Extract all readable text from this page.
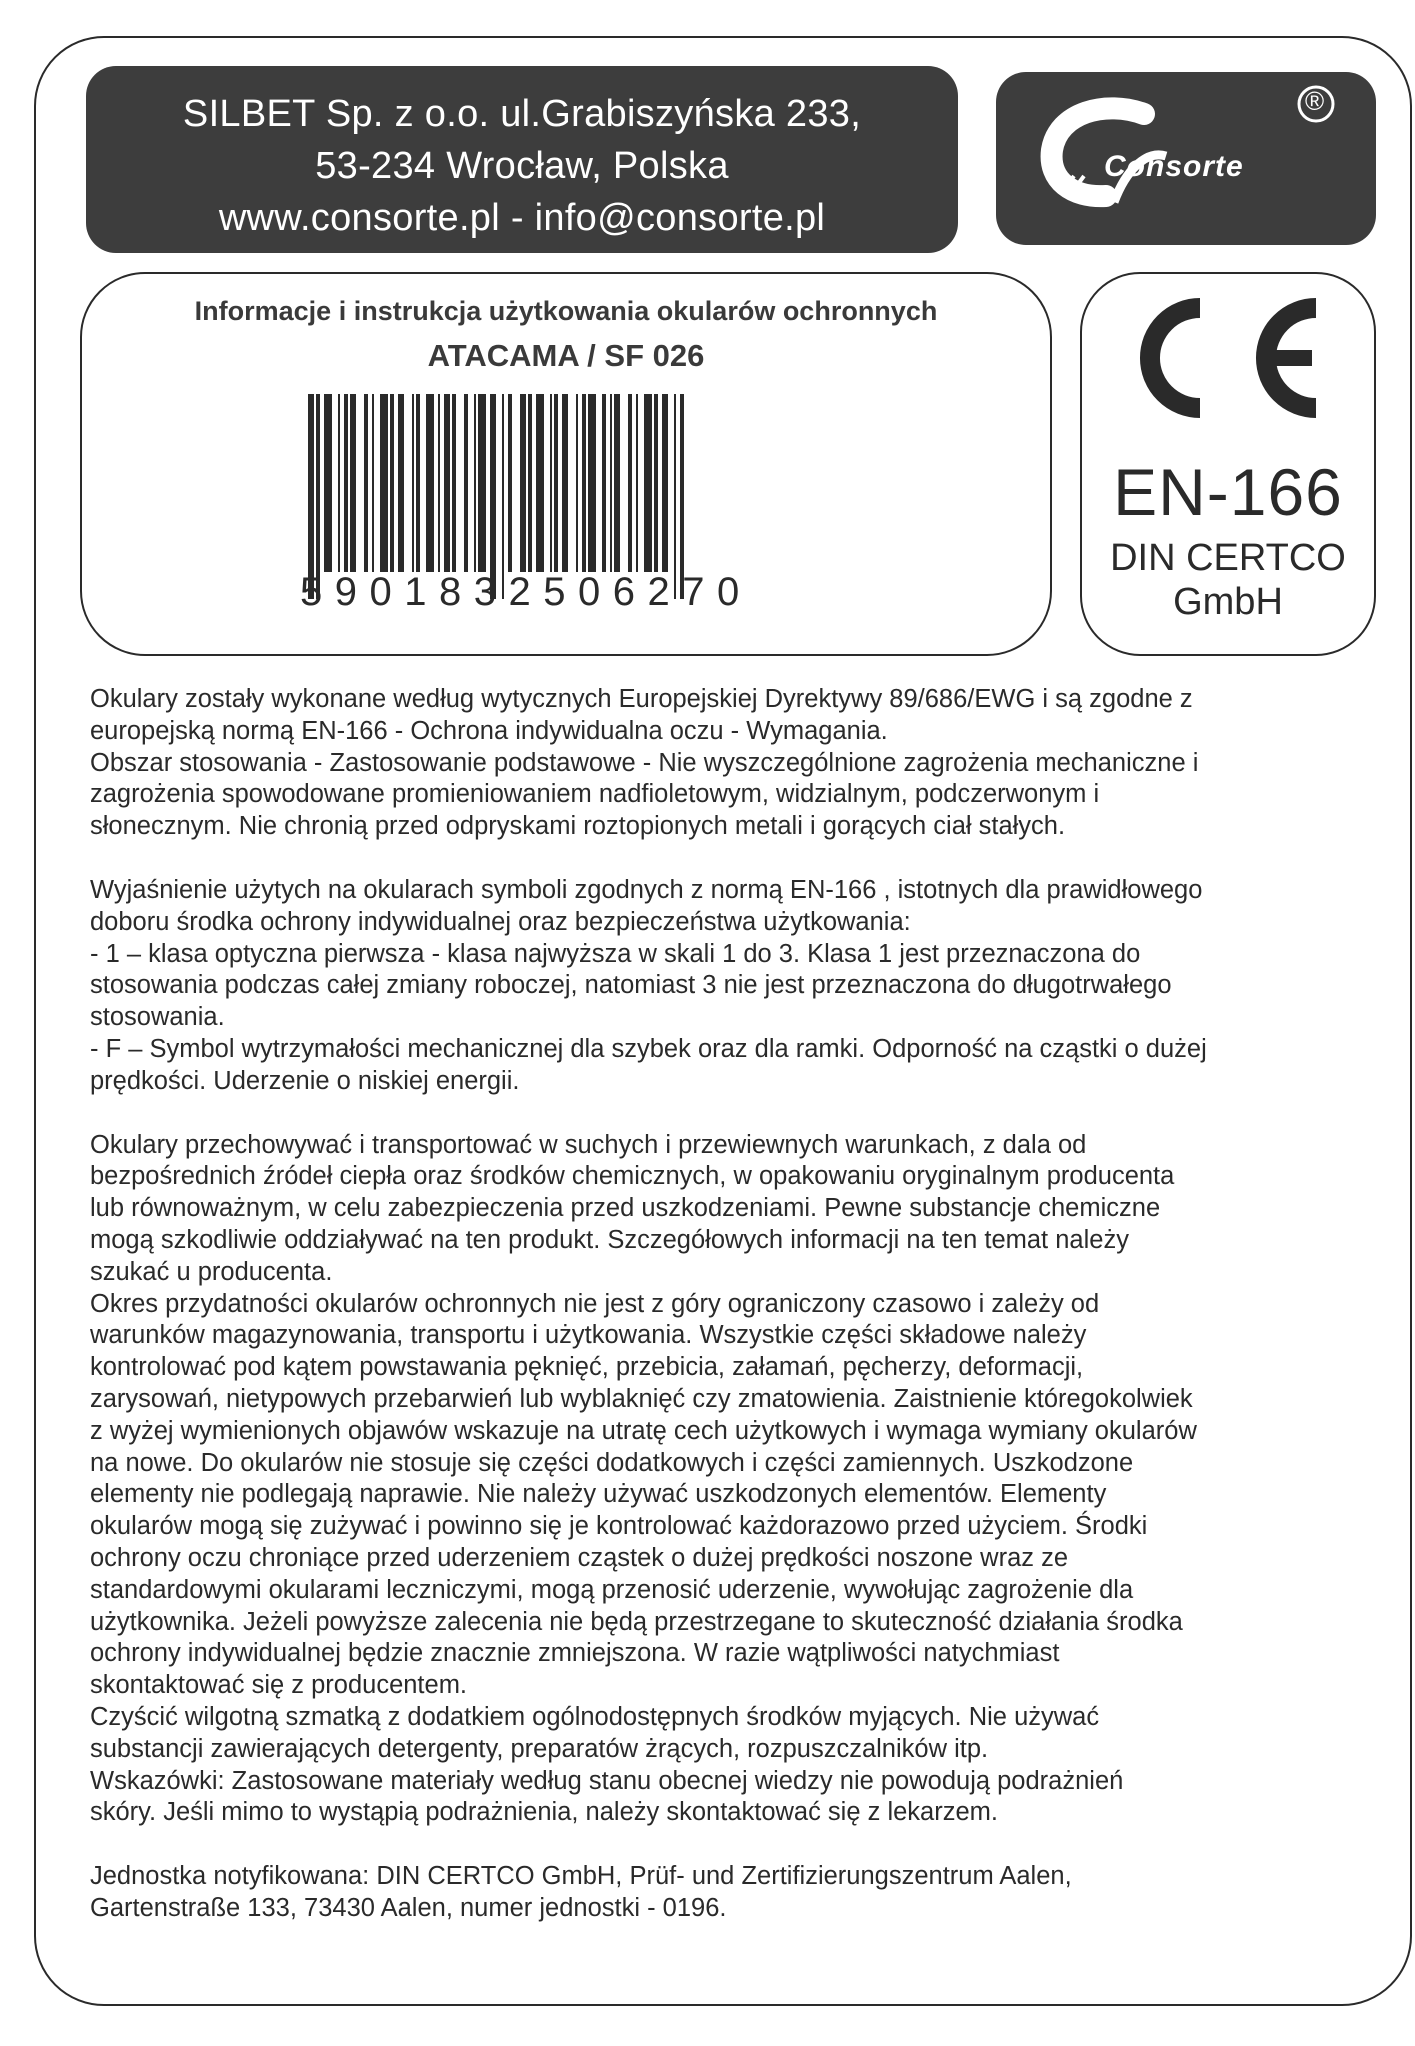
SILBET Sp. z o.o. ul.Grabiszyńska 233,
53-234 Wrocław, Polska
www.consorte.pl - info@consorte.pl
Consorte
®
Informacje i instrukcja użytkowania okularów ochronnych
ATACAMA / SF 026
5901832506270
EN-166
DIN CERTCO
GmbH

Okulary zostały wykonane według wytycznych Europejskiej Dyrektywy 89/686/EWG i są zgodne z
europejską normą EN-166 - Ochrona indywidualna oczu - Wymagania.
Obszar stosowania - Zastosowanie podstawowe - Nie wyszczególnione zagrożenia mechaniczne i
zagrożenia spowodowane promieniowaniem nadfioletowym, widzialnym, podczerwonym i
słonecznym. Nie chronią przed odpryskami roztopionych metali i gorących ciał stałych.

Wyjaśnienie użytych na okularach symboli zgodnych z normą EN-166 , istotnych dla prawidłowego
doboru środka ochrony indywidualnej oraz bezpieczeństwa użytkowania:
- 1 – klasa optyczna pierwsza - klasa najwyższa w skali 1 do 3. Klasa 1 jest przeznaczona do
stosowania podczas całej zmiany roboczej, natomiast 3 nie jest przeznaczona do długotrwałego
stosowania.
- F – Symbol wytrzymałości mechanicznej dla szybek oraz dla ramki. Odporność na cząstki o dużej
prędkości. Uderzenie o niskiej energii.

Okulary przechowywać i transportować w suchych i przewiewnych warunkach, z dala od
bezpośrednich źródeł ciepła oraz środków chemicznych, w opakowaniu oryginalnym producenta
lub równoważnym, w celu zabezpieczenia przed uszkodzeniami. Pewne substancje chemiczne
mogą szkodliwie oddziaływać na ten produkt. Szczegółowych informacji na ten temat należy
szukać u producenta.
Okres przydatności okularów ochronnych nie jest z góry ograniczony czasowo i zależy od
warunków magazynowania, transportu i użytkowania. Wszystkie części składowe należy
kontrolować pod kątem powstawania pęknięć, przebicia, załamań, pęcherzy, deformacji,
zarysowań, nietypowych przebarwień lub wyblaknięć czy zmatowienia. Zaistnienie któregokolwiek
z wyżej wymienionych objawów wskazuje na utratę cech użytkowych i wymaga wymiany okularów
na nowe. Do okularów nie stosuje się części dodatkowych i części zamiennych. Uszkodzone
elementy nie podlegają naprawie. Nie należy używać uszkodzonych elementów. Elementy
okularów mogą się zużywać i powinno się je kontrolować każdorazowo przed użyciem. Środki
ochrony oczu chroniące przed uderzeniem cząstek o dużej prędkości noszone wraz ze
standardowymi okularami leczniczymi, mogą przenosić uderzenie, wywołując zagrożenie dla
użytkownika. Jeżeli powyższe zalecenia nie będą przestrzegane to skuteczność działania środka
ochrony indywidualnej będzie znacznie zmniejszona. W razie wątpliwości natychmiast
skontaktować się z producentem.
Czyścić wilgotną szmatką z dodatkiem ogólnodostępnych środków myjących. Nie używać
substancji zawierających detergenty, preparatów żrących, rozpuszczalników itp.
Wskazówki: Zastosowane materiały według stanu obecnej wiedzy nie powodują podrażnień
skóry. Jeśli mimo to wystąpią podrażnienia, należy skontaktować się z lekarzem.

Jednostka notyfikowana: DIN CERTCO GmbH, Prüf- und Zertifizierungszentrum Aalen,
Gartenstraße 133, 73430 Aalen, numer jednostki - 0196.
